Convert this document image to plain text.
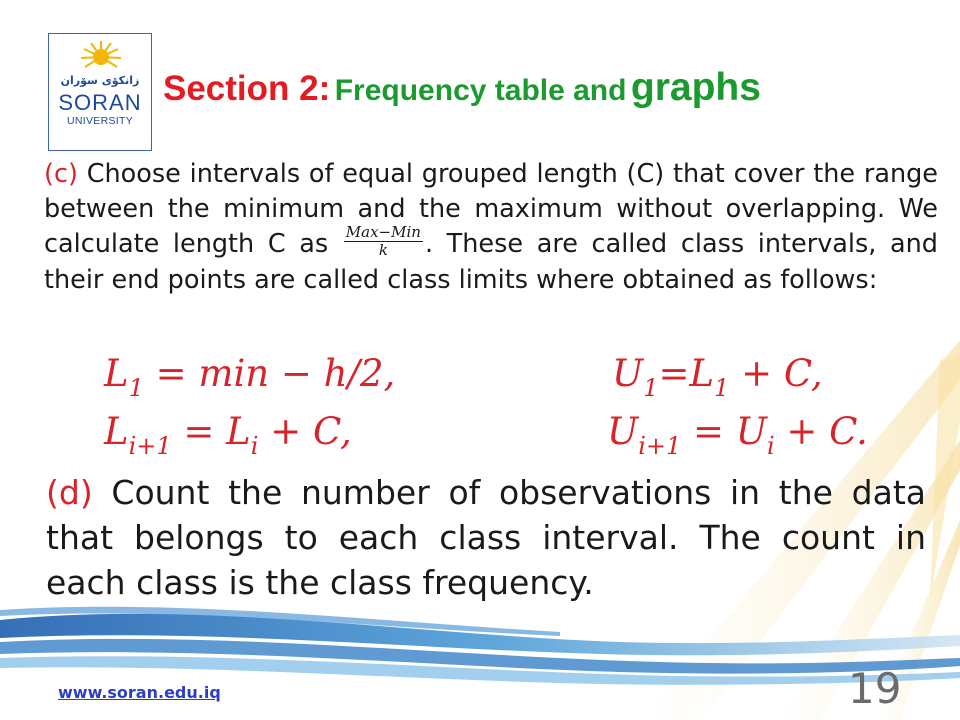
زانكۆی سۆران
SORAN
UNIVERSITY
Section 2: Frequency table and graphs
(c) Choose intervals of equal grouped length (C) that cover the range between the minimum and the maximum without overlapping. We calculate length C as $\frac{\text{Max−Min}}{k}$ . These are called class intervals, and their end points are called class limits where obtained as follows:
$L_1 = \min - h/2$,	$U_1=L_1 + C$,
$L_{i+1} = L_i + C$,	$U_{i+1} = U_i + C$.
(d) Count the number of observations in the data that belongs to each class interval. The count in each class is the class frequency.
www.soran.edu.iq	19
